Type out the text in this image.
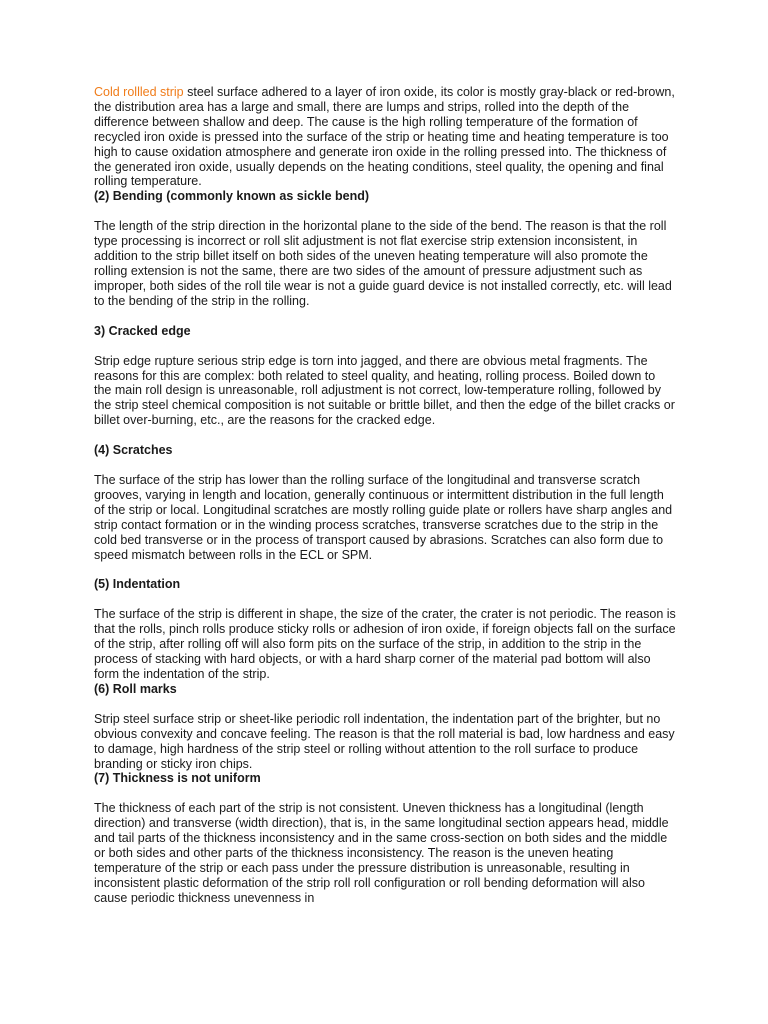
Cold rollled strip steel surface adhered to a layer of iron oxide, its color is mostly gray-black or red-brown, the distribution area has a large and small, there are lumps and strips, rolled into the depth of the difference between shallow and deep. The cause is the high rolling temperature of the formation of recycled iron oxide is pressed into the surface of the strip or heating time and heating temperature is too high to cause oxidation atmosphere and generate iron oxide in the rolling pressed into. The thickness of the generated iron oxide, usually depends on the heating conditions, steel quality, the opening and final rolling temperature.

(2) Bending (commonly known as sickle bend)

The length of the strip direction in the horizontal plane to the side of the bend. The reason is that the roll type processing is incorrect or roll slit adjustment is not flat exercise strip extension inconsistent, in addition to the strip billet itself on both sides of the uneven heating temperature will also promote the rolling extension is not the same, there are two sides of the amount of pressure adjustment such as improper, both sides of the roll tile wear is not a guide guard device is not installed correctly, etc. will lead to the bending of the strip in the rolling.

3) Cracked edge

Strip edge rupture serious strip edge is torn into jagged, and there are obvious metal fragments. The reasons for this are complex: both related to steel quality, and heating, rolling process. Boiled down to the main roll design is unreasonable, roll adjustment is not correct, low-temperature rolling, followed by the strip steel chemical composition is not suitable or brittle billet, and then the edge of the billet cracks or billet over-burning, etc., are the reasons for the cracked edge.

(4) Scratches

The surface of the strip has lower than the rolling surface of the longitudinal and transverse scratch grooves, varying in length and location, generally continuous or intermittent distribution in the full length of the strip or local. Longitudinal scratches are mostly rolling guide plate or rollers have sharp angles and strip contact formation or in the winding process scratches, transverse scratches due to the strip in the cold bed transverse or in the process of transport caused by abrasions. Scratches can also form due to speed mismatch between rolls in the ECL or SPM.

(5) Indentation

The surface of the strip is different in shape, the size of the crater, the crater is not periodic. The reason is that the rolls, pinch rolls produce sticky rolls or adhesion of iron oxide, if foreign objects fall on the surface of the strip, after rolling off will also form pits on the surface of the strip, in addition to the strip in the process of stacking with hard objects, or with a hard sharp corner of the material pad bottom will also form the indentation of the strip.

(6) Roll marks

Strip steel surface strip or sheet-like periodic roll indentation, the indentation part of the brighter, but no obvious convexity and concave feeling. The reason is that the roll material is bad, low hardness and easy to damage, high hardness of the strip steel or rolling without attention to the roll surface to produce branding or sticky iron chips.

(7) Thickness is not uniform

The thickness of each part of the strip is not consistent. Uneven thickness has a longitudinal (length direction) and transverse (width direction), that is, in the same longitudinal section appears head, middle and tail parts of the thickness inconsistency and in the same cross-section on both sides and the middle or both sides and other parts of the thickness inconsistency. The reason is the uneven heating temperature of the strip or each pass under the pressure distribution is unreasonable, resulting in inconsistent plastic deformation of the strip roll roll configuration or roll bending deformation will also cause periodic thickness unevenness in
